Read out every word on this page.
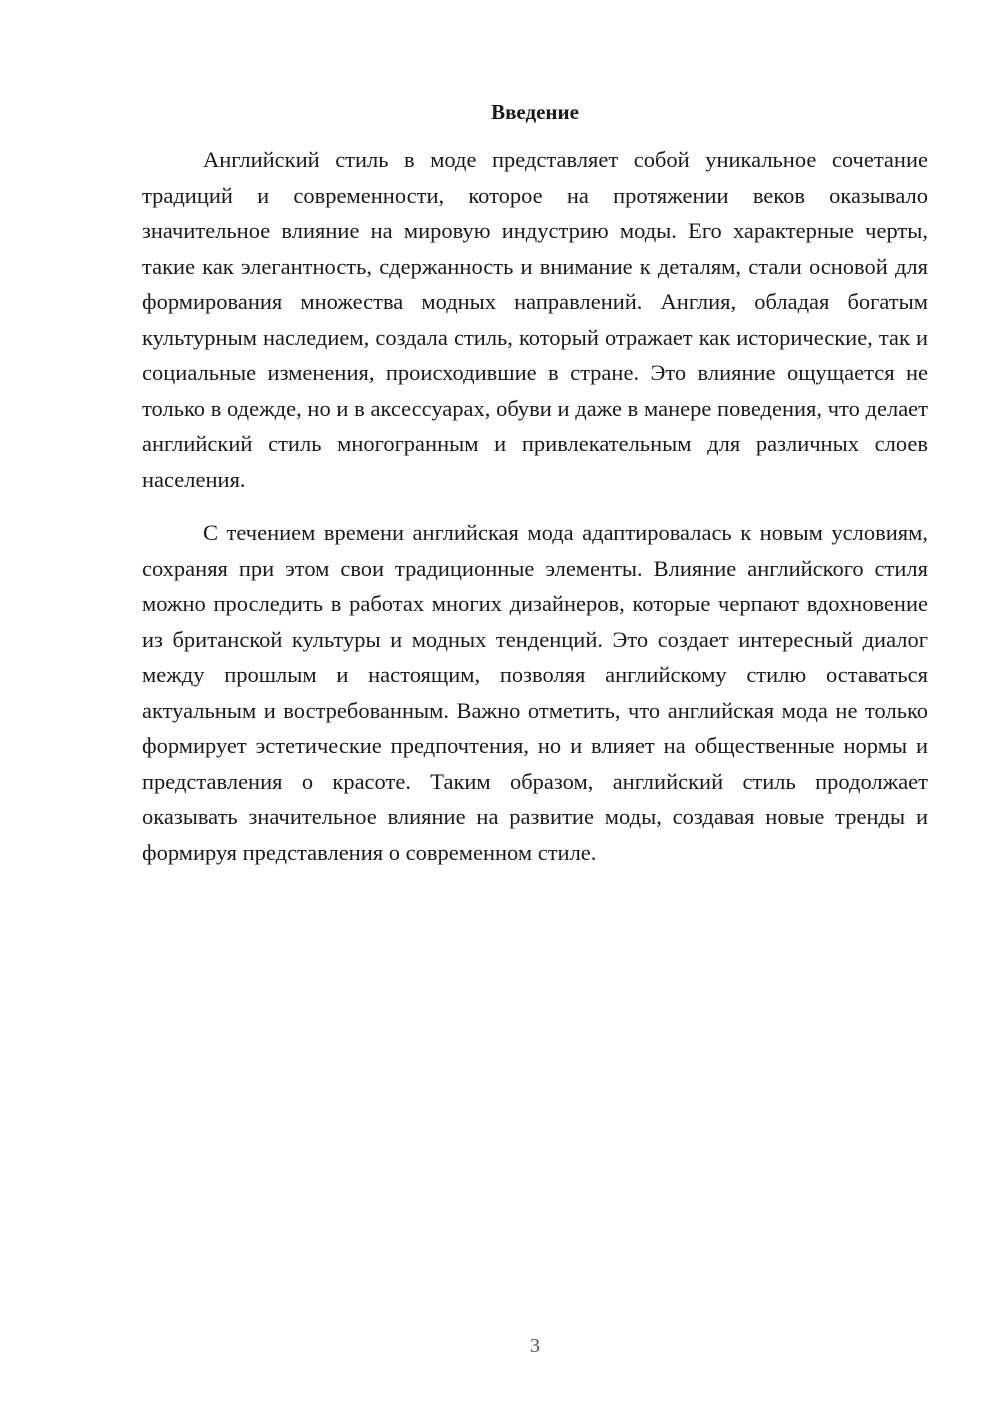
Введение

Английский стиль в моде представляет собой уникальное сочетание традиций и современности, которое на протяжении веков оказывало значительное влияние на мировую индустрию моды. Его характерные черты, такие как элегантность, сдержанность и внимание к деталям, стали основой для формирования множества модных направлений. Англия, обладая богатым культурным наследием, создала стиль, который отражает как исторические, так и социальные изменения, происходившие в стране. Это влияние ощущается не только в одежде, но и в аксессуарах, обуви и даже в манере поведения, что делает английский стиль многогранным и привлекательным для различных слоев населения.

С течением времени английская мода адаптировалась к новым условиям, сохраняя при этом свои традиционные элементы. Влияние английского стиля можно проследить в работах многих дизайнеров, которые черпают вдохновение из британской культуры и модных тенденций. Это создает интересный диалог между прошлым и настоящим, позволяя английскому стилю оставаться актуальным и востребованным. Важно отметить, что английская мода не только формирует эстетические предпочтения, но и влияет на общественные нормы и представления о красоте. Таким образом, английский стиль продолжает оказывать значительное влияние на развитие моды, создавая новые тренды и формируя представления о современном стиле.

3
